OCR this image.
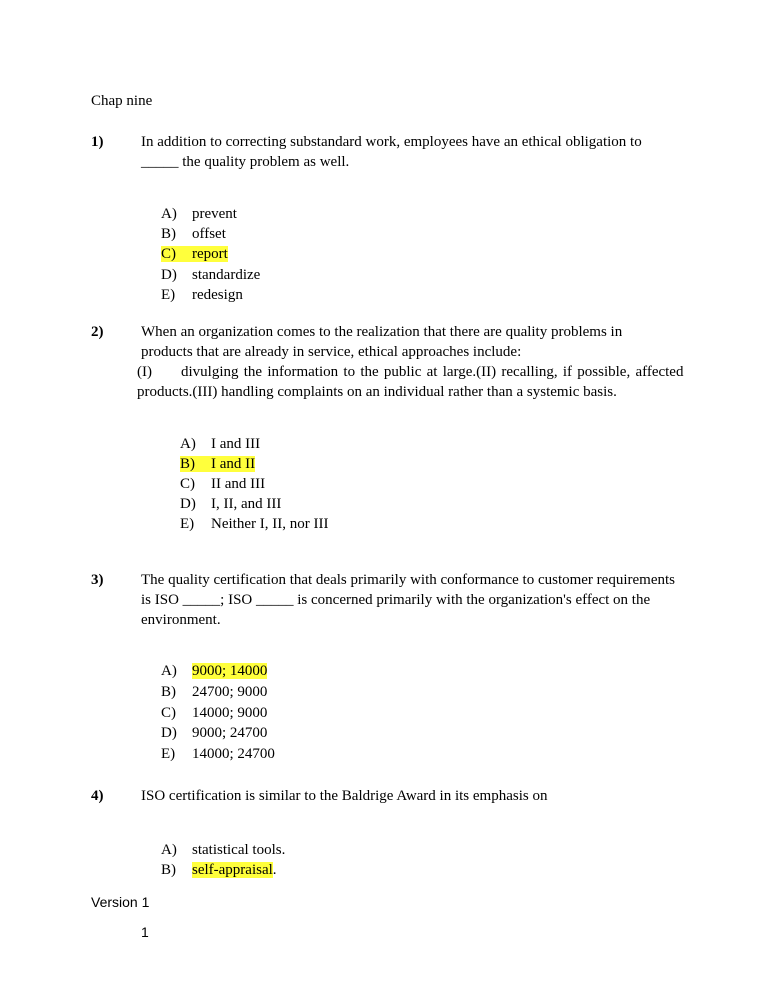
Chap nine
1)	In addition to correcting substandard work, employees have an ethical obligation to
_____ the quality problem as well.
A) prevent
B) offset
C) report
D) standardize
E) redesign
2)	When an organization comes to the realization that there are quality problems in
products that are already in service, ethical approaches include:
(I) divulging the information to the public at large.(II) recalling, if possible, affected
products.(III) handling complaints on an individual rather than a systemic basis.
A) I and III
B) I and II
C) II and III
D) I, II, and III
E) Neither I, II, nor III
3)	The quality certification that deals primarily with conformance to customer requirements
is ISO _____; ISO _____ is concerned primarily with the organization's effect on the
environment.
A) 9000; 14000
B) 24700; 9000
C) 14000; 9000
D) 9000; 24700
E) 14000; 24700
4)	ISO certification is similar to the Baldrige Award in its emphasis on
A) statistical tools.
B) self-appraisal.
Version 1
1
